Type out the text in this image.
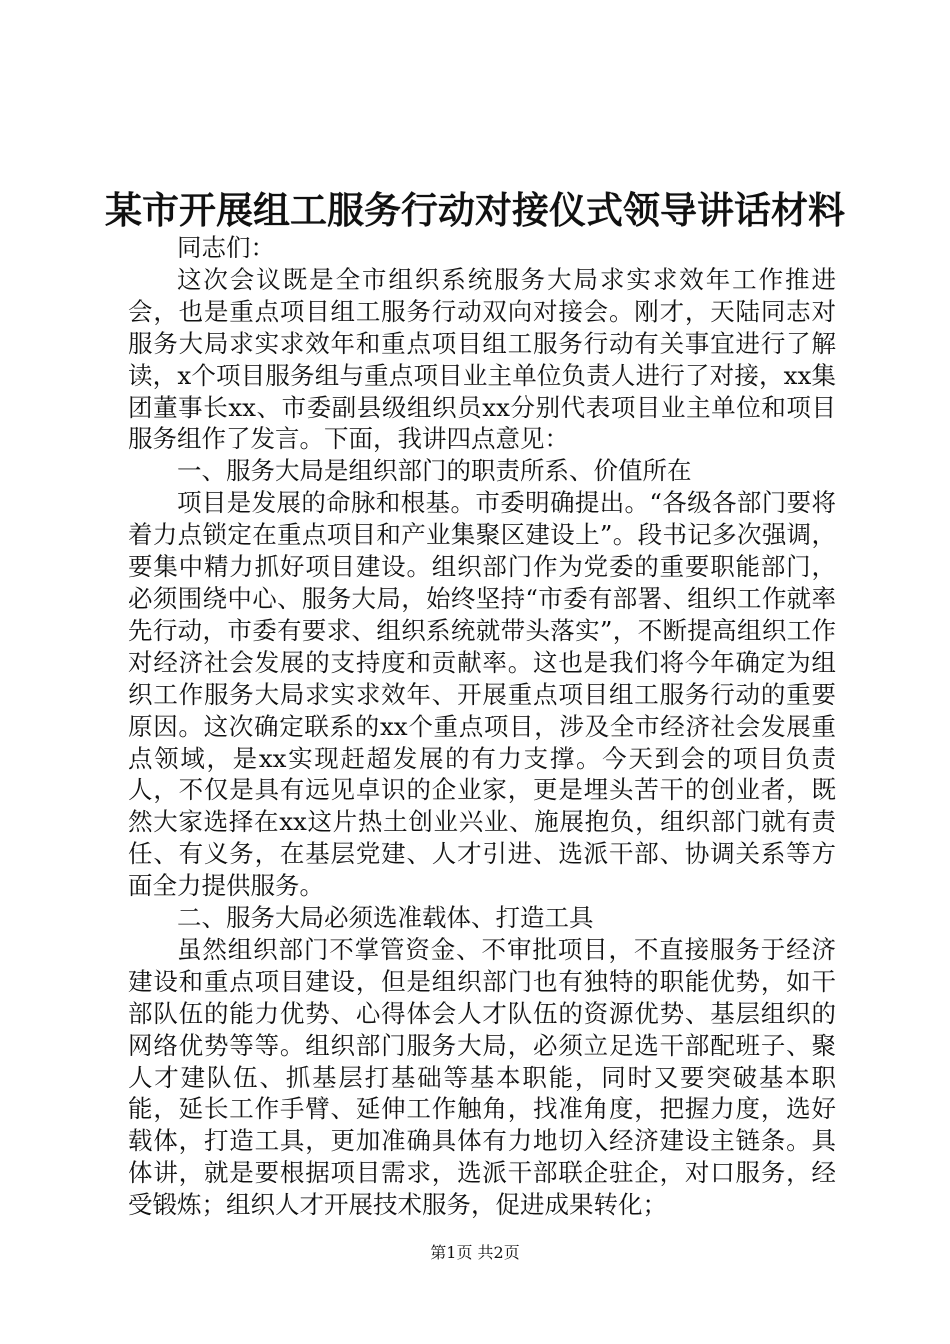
某市开展组工服务行动对接仪式领导讲话材料

同志们：

这次会议既是全市组织系统服务大局求实求效年工作推进会，也是重点项目组工服务行动双向对接会。刚才，天陆同志对服务大局求实求效年和重点项目组工服务行动有关事宜进行了解读，x个项目服务组与重点项目业主单位负责人进行了对接，xx集团董事长xx、市委副县级组织员xx分别代表项目业主单位和项目服务组作了发言。下面，我讲四点意见：

一、服务大局是组织部门的职责所系、价值所在

项目是发展的命脉和根基。市委明确提出。“各级各部门要将着力点锁定在重点项目和产业集聚区建设上”。段书记多次强调，要集中精力抓好项目建设。组织部门作为党委的重要职能部门，必须围绕中心、服务大局，始终坚持“市委有部署、组织工作就率先行动，市委有要求、组织系统就带头落实”，不断提高组织工作对经济社会发展的支持度和贡献率。这也是我们将今年确定为组织工作服务大局求实求效年、开展重点项目组工服务行动的重要原因。这次确定联系的xx个重点项目，涉及全市经济社会发展重点领域，是xx实现赶超发展的有力支撑。今天到会的项目负责人，不仅是具有远见卓识的企业家，更是埋头苦干的创业者，既然大家选择在xx这片热土创业兴业、施展抱负，组织部门就有责任、有义务，在基层党建、人才引进、选派干部、协调关系等方面全力提供服务。

二、服务大局必须选准载体、打造工具

虽然组织部门不掌管资金、不审批项目，不直接服务于经济建设和重点项目建设，但是组织部门也有独特的职能优势，如干部队伍的能力优势、心得体会人才队伍的资源优势、基层组织的网络优势等等。组织部门服务大局，必须立足选干部配班子、聚人才建队伍、抓基层打基础等基本职能，同时又要突破基本职能，延长工作手臂、延伸工作触角，找准角度，把握力度，选好载体，打造工具，更加准确具体有力地切入经济建设主链条。具体讲，就是要根据项目需求，选派干部联企驻企，对口服务，经受锻炼；组织人才开展技术服务，促进成果转化；

第1页 共2页
